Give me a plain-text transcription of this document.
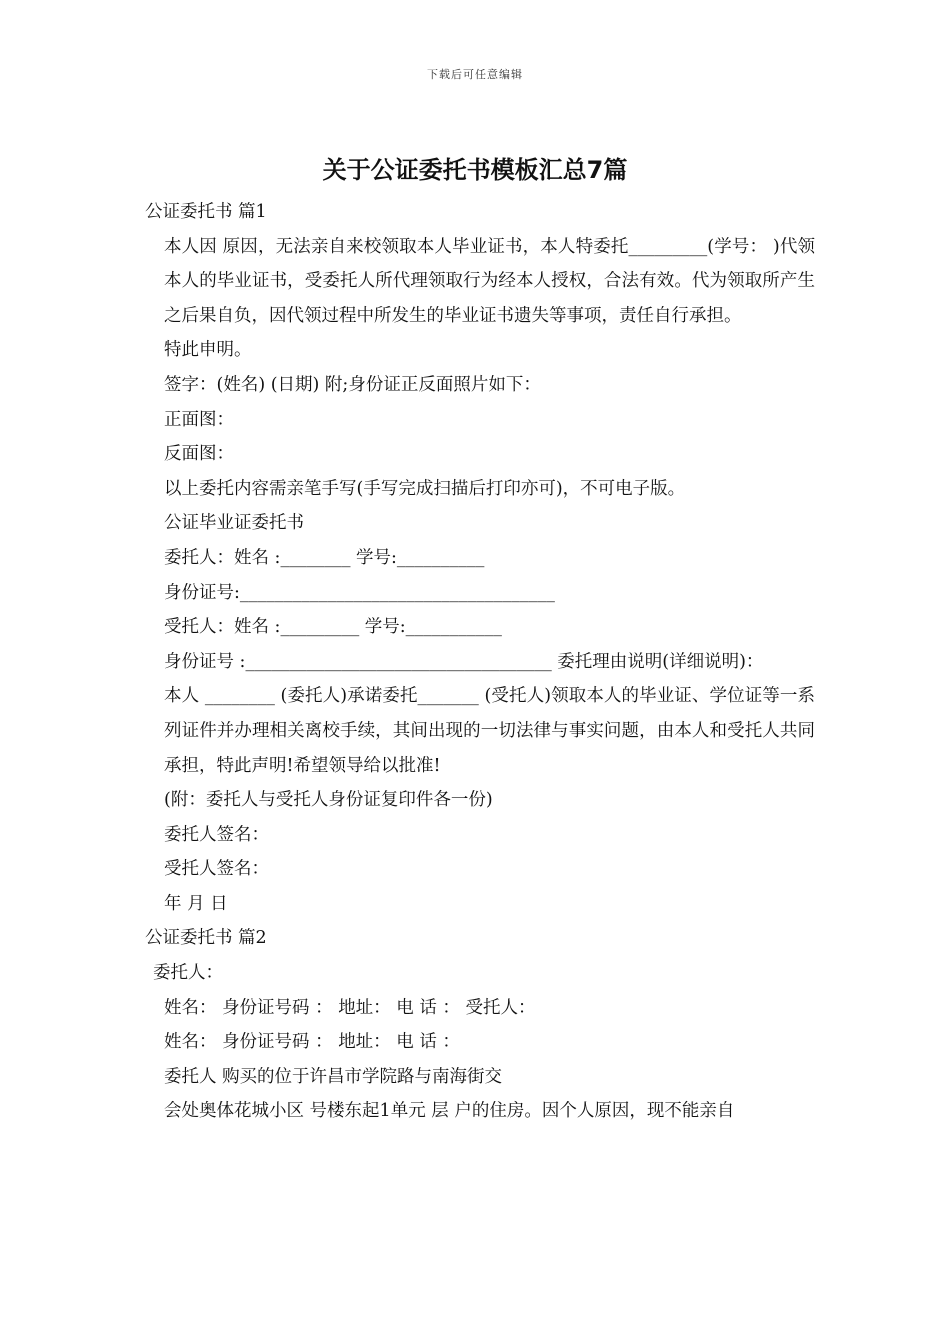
下载后可任意编辑
关于公证委托书模板汇总7篇

公证委托书 篇1

本人因 原因，无法亲自来校领取本人毕业证书，本人特委托_________(学号： )代领本人的毕业证书，受委托人所代理领取行为经本人授权，合法有效。代为领取所产生之后果自负，因代领过程中所发生的毕业证书遗失等事项，责任自行承担。

特此申明。

签字：(姓名) (日期) 附;身份证正反面照片如下：

正面图：

反面图：

以上委托内容需亲笔手写(手写完成扫描后打印亦可)，不可电子版。

公证毕业证委托书

委托人：姓名 :________ 学号:__________

身份证号:____________________________________

受托人：姓名 :_________ 学号:___________

身份证号 :___________________________________ 委托理由说明(详细说明)：

本人 ________ (委托人)承诺委托_______ (受托人)领取本人的毕业证、学位证等一系列证件并办理相关离校手续，其间出现的一切法律与事实问题，由本人和受托人共同承担，特此声明!希望领导给以批准!

(附：委托人与受托人身份证复印件各一份)

委托人签名：

受托人签名：

年 月 日

公证委托书 篇2

委托人：

姓名： 身份证号码 ： 地址： 电 话 ： 受托人：

姓名： 身份证号码 ： 地址： 电 话 ：

委托人 购买的位于许昌市学院路与南海街交

会处奥体花城小区 号楼东起1单元 层 户的住房。因个人原因，现不能亲自
